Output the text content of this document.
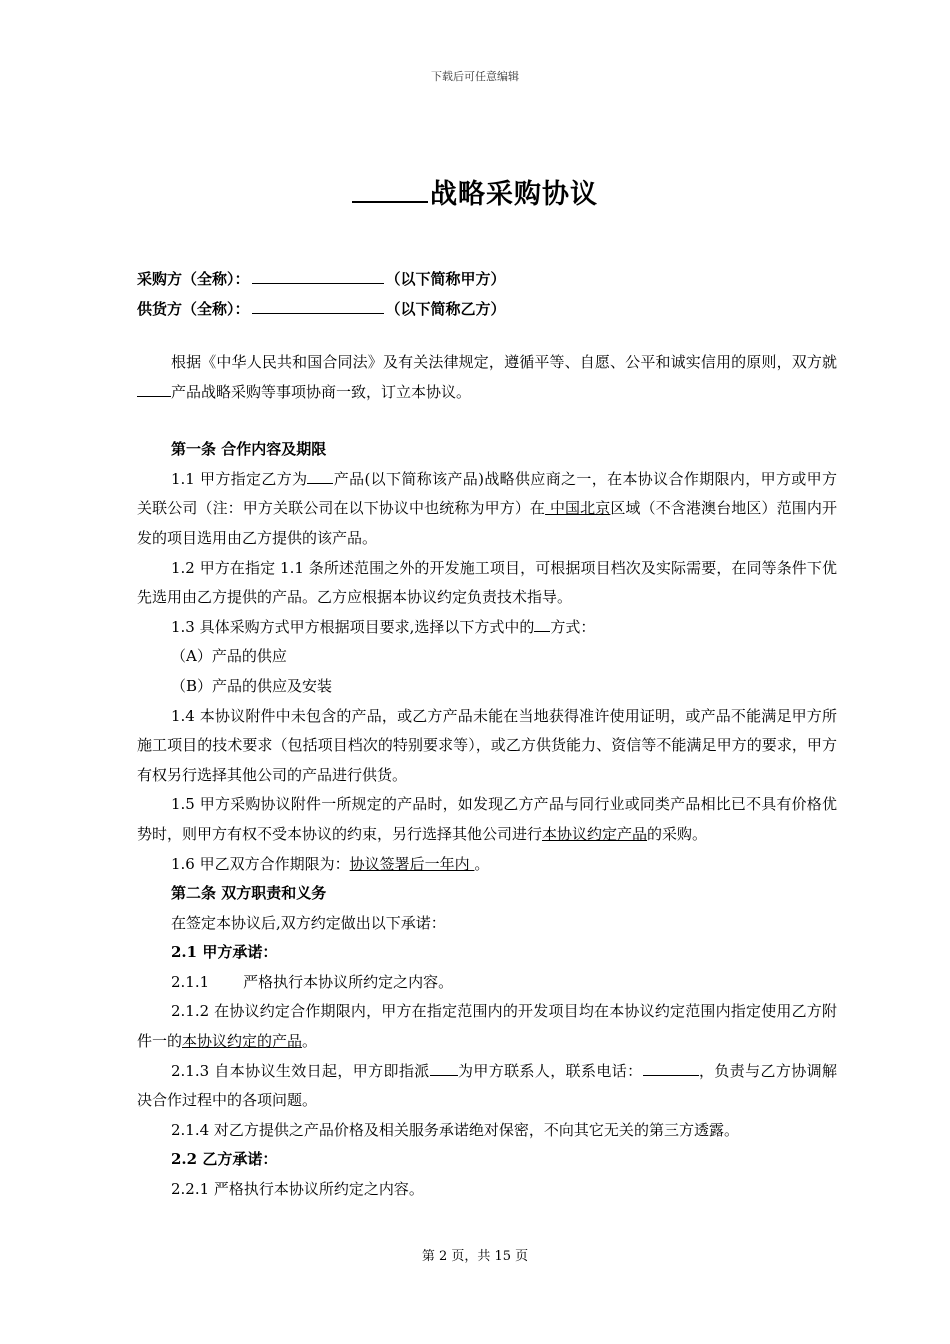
下载后可任意编辑
战略采购协议
采购方（全称）：	（以下简称甲方）
供货方（全称）：	（以下简称乙方）

根据《中华人民共和国合同法》及有关法律规定，遵循平等、自愿、公平和诚实信用的原则，双方就产品战略采购等事项协商一致，订立本协议。

第一条 合作内容及期限

1.1 甲方指定乙方为 产品(以下简称该产品)战略供应商之一，在本协议合作期限内，甲方或甲方关联公司（注：甲方关联公司在以下协议中也统称为甲方）在 中国北京区域（不含港澳台地区）范围内开发的项目选用由乙方提供的该产品。

1.2 甲方在指定 1.1 条所述范围之外的开发施工项目，可根据项目档次及实际需要，在同等条件下优先选用由乙方提供的产品。乙方应根据本协议约定负责技术指导。

1.3 具体采购方式甲方根据项目要求,选择以下方式中的 方式：

（A）产品的供应

（B）产品的供应及安装

1.4 本协议附件中未包含的产品，或乙方产品未能在当地获得准许使用证明，或产品不能满足甲方所施工项目的技术要求（包括项目档次的特别要求等），或乙方供货能力、资信等不能满足甲方的要求，甲方有权另行选择其他公司的产品进行供货。

1.5 甲方采购协议附件一所规定的产品时，如发现乙方产品与同行业或同类产品相比已不具有价格优势时，则甲方有权不受本协议的约束，另行选择其他公司进行本协议约定产品的采购。

1.6 甲乙双方合作期限为：协议签署后一年内 。

第二条 双方职责和义务

在签定本协议后,双方约定做出以下承诺：

2.1 甲方承诺：

2.1.1 严格执行本协议所约定之内容。

2.1.2 在协议约定合作期限内，甲方在指定范围内的开发项目均在本协议约定范围内指定使用乙方附件一的本协议约定的产品。

2.1.3 自本协议生效日起，甲方即指派 为甲方联系人，联系电话：	，负责与乙方协调解决合作过程中的各项问题。

2.1.4 对乙方提供之产品价格及相关服务承诺绝对保密，不向其它无关的第三方透露。

2.2 乙方承诺：

2.2.1 严格执行本协议所约定之内容。

第 2 页，共 15 页
